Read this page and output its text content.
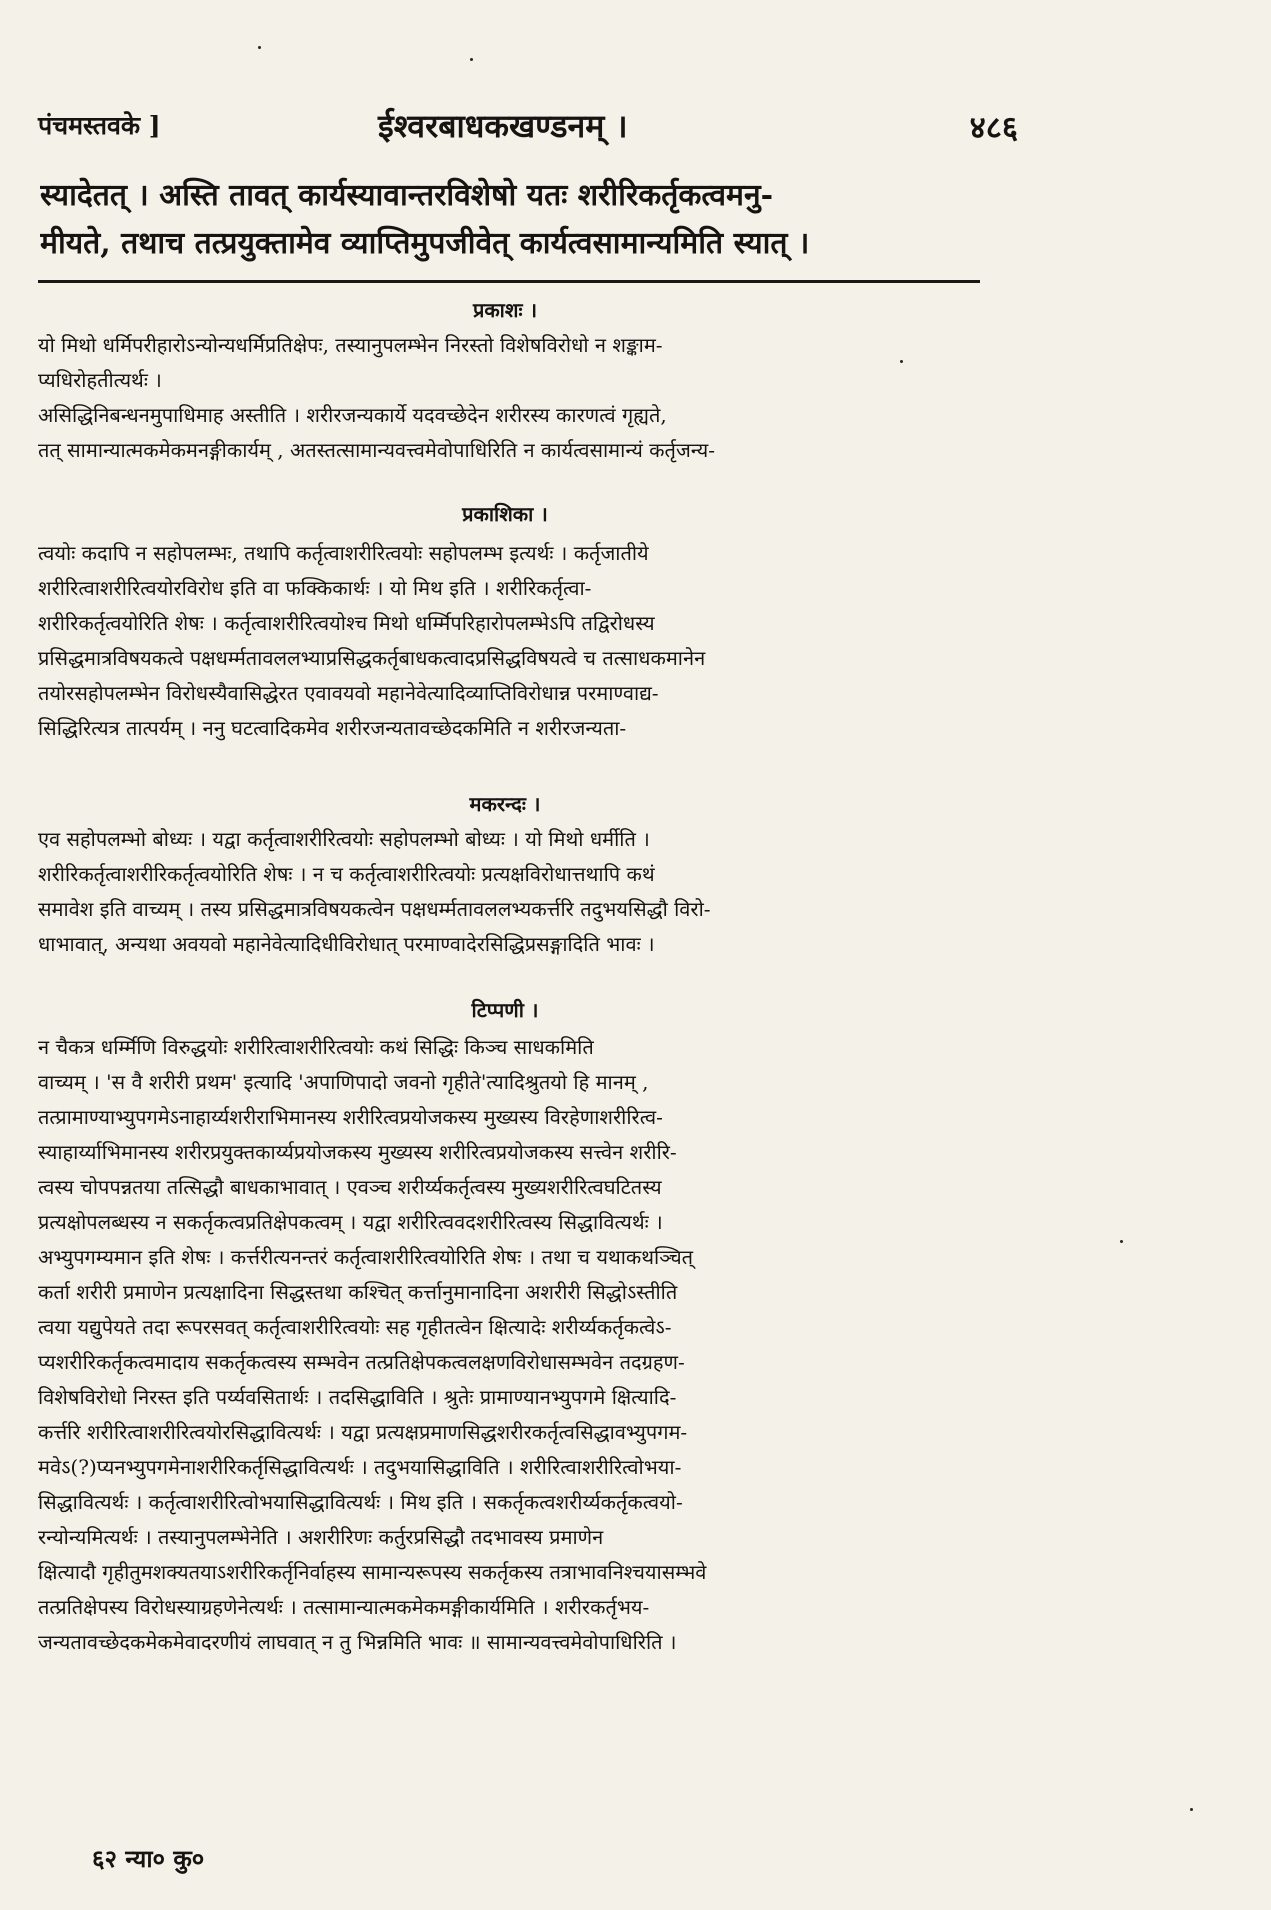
पंचमस्तवके ]	ईश्वरबाधकखण्डनम् ।	४८६
स्यादेतत् । अस्ति तावत् कार्यस्यावान्तरविशेषो यतः शरीरिकर्तृकत्वमनु-
मीयते, तथाच तत्प्रयुक्तामेव व्याप्तिमुपजीवेत् कार्यत्वसामान्यमिति स्यात् ।
प्रकाशः ।
यो मिथो धर्मिपरीहारोऽन्योन्यधर्मिप्रतिक्षेपः, तस्यानुपलम्भेन निरस्तो विशेषविरोधो न शङ्काम-
प्यधिरोहतीत्यर्थः ।
असिद्धिनिबन्धनमुपाधिमाह अस्तीति । शरीरजन्यकार्ये यदवच्छेदेन शरीरस्य कारणत्वं गृह्यते,
तत् सामान्यात्मकमेकमनङ्गीकार्यम् , अतस्तत्सामान्यवत्त्वमेवोपाधिरिति न कार्यत्वसामान्यं कर्तृजन्य-
प्रकाशिका ।
त्वयोः कदापि न सहोपलम्भः, तथापि कर्तृत्वाशरीरित्वयोः सहोपलम्भ इत्यर्थः । कर्तृजातीये
शरीरित्वाशरीरित्वयोरविरोध इति वा फक्किकार्थः । यो मिथ इति । शरीरिकर्तृत्वा-
शरीरिकर्तृत्वयोरिति शेषः । कर्तृत्वाशरीरित्वयोश्च मिथो धर्म्मिपरिहारोपलम्भेऽपि तद्विरोधस्य
प्रसिद्धमात्रविषयकत्वे पक्षधर्म्मतावललभ्याप्रसिद्धकर्तृबाधकत्वादप्रसिद्धविषयत्वे च तत्साधकमानेन
तयोरसहोपलम्भेन विरोधस्यैवासिद्धेरत एवावयवो महानेवेत्यादिव्याप्तिविरोधान्न परमाण्वाद्य-
सिद्धिरित्यत्र तात्पर्यम् । ननु घटत्वादिकमेव शरीरजन्यतावच्छेदकमिति न शरीरजन्यता-
मकरन्दः ।
एव सहोपलम्भो बोध्यः । यद्वा कर्तृत्वाशरीरित्वयोः सहोपलम्भो बोध्यः । यो मिथो धर्मीति ।
शरीरिकर्तृत्वाशरीरिकर्तृत्वयोरिति शेषः । न च कर्तृत्वाशरीरित्वयोः प्रत्यक्षविरोधात्तथापि कथं
समावेश इति वाच्यम् । तस्य प्रसिद्धमात्रविषयकत्वेन पक्षधर्म्मतावललभ्यकर्त्तरि तदुभयसिद्धौ विरो-
धाभावात्, अन्यथा अवयवो महानेवेत्यादिधीविरोधात् परमाण्वादेरसिद्धिप्रसङ्गादिति भावः ।
टिप्पणी ।
न चैकत्र धर्म्मिणि विरुद्धयोः शरीरित्वाशरीरित्वयोः कथं सिद्धिः किञ्च साधकमिति
वाच्यम् । 'स वै शरीरी प्रथम' इत्यादि 'अपाणिपादो जवनो गृहीते'त्यादिश्रुतयो हि मानम् ,
तत्प्रामाण्याभ्युपगमेऽनाहार्य्यशरीराभिमानस्य शरीरित्वप्रयोजकस्य मुख्यस्य विरहेणाशरीरित्व-
स्याहार्य्याभिमानस्य शरीरप्रयुक्तकार्य्यप्रयोजकस्य मुख्यस्य शरीरित्वप्रयोजकस्य सत्त्वेन शरीरि-
त्वस्य चोपपन्नतया तत्सिद्धौ बाधकाभावात् । एवञ्च शरीर्य्यकर्तृत्वस्य मुख्यशरीरित्वघटितस्य
प्रत्यक्षोपलब्धस्य न सकर्तृकत्वप्रतिक्षेपकत्वम् । यद्वा शरीरित्ववदशरीरित्वस्य सिद्धावित्यर्थः ।
अभ्युपगम्यमान इति शेषः । कर्त्तरीत्यनन्तरं कर्तृत्वाशरीरित्वयोरिति शेषः । तथा च यथाकथञ्चित्
कर्ता शरीरी प्रमाणेन प्रत्यक्षादिना सिद्धस्तथा कश्चित् कर्त्तानुमानादिना अशरीरी सिद्धोऽस्तीति
त्वया यद्युपेयते तदा रूपरसवत् कर्तृत्वाशरीरित्वयोः सह गृहीतत्वेन क्षित्यादेः शरीर्य्यकर्तृकत्वेऽ-
प्यशरीरिकर्तृकत्वमादाय सकर्तृकत्वस्य सम्भवेन तत्प्रतिक्षेपकत्वलक्षणविरोधासम्भवेन तदग्रहण-
विशेषविरोधो निरस्त इति पर्य्यवसितार्थः । तदसिद्धाविति । श्रुतेः प्रामाण्यानभ्युपगमे क्षित्यादि-
कर्त्तरि शरीरित्वाशरीरित्वयोरसिद्धावित्यर्थः । यद्वा प्रत्यक्षप्रमाणसिद्धशरीरकर्तृत्वसिद्धावभ्युपगम-
मवेऽ(?)प्यनभ्युपगमेनाशरीरिकर्तृसिद्धावित्यर्थः । तदुभयासिद्धाविति । शरीरित्वाशरीरित्वोभया-
सिद्धावित्यर्थः । कर्तृत्वाशरीरित्वोभयासिद्धावित्यर्थः । मिथ इति । सकर्तृकत्वशरीर्य्यकर्तृकत्वयो-
रन्योन्यमित्यर्थः । तस्यानुपलम्भेनेति । अशरीरिणः कर्तुरप्रसिद्धौ तदभावस्य प्रमाणेन
क्षित्यादौ गृहीतुमशक्यतयाऽशरीरिकर्तृनिर्वाहस्य सामान्यरूपस्य सकर्तृकस्य तत्राभावनिश्चयासम्भवे
तत्प्रतिक्षेपस्य विरोधस्याग्रहणेनेत्यर्थः । तत्सामान्यात्मकमेकमङ्गीकार्यमिति । शरीरकर्तृभय-
जन्यतावच्छेदकमेकमेवादरणीयं लाघवात् न तु भिन्नमिति भावः ॥ सामान्यवत्त्वमेवोपाधिरिति ।
६२ न्या० कु०
